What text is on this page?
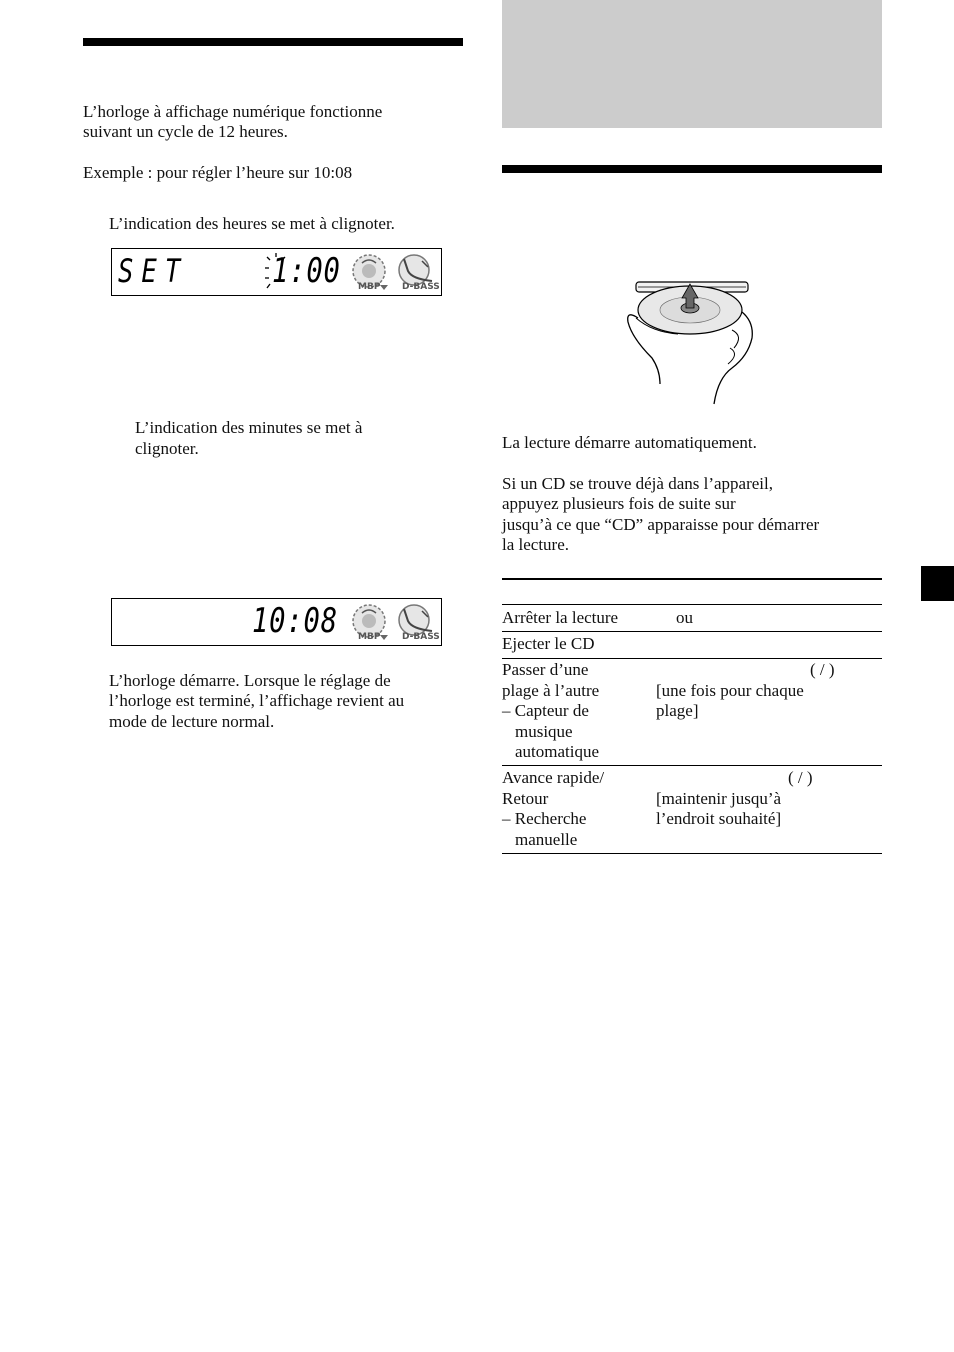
L’horloge à affichage numérique fonctionne
suivant un cycle de 12 heures.
Exemple : pour régler l’heure sur 10:08
L’indication des heures se met à clignoter.
SET 1:00 MBP D-BASS
L’indication des minutes se met à
clignoter.
10:08 MBP D-BASS
L’horloge démarre. Lorsque le réglage de
l’horloge est terminé, l’affichage revient au
mode de lecture normal.
La lecture démarre automatiquement.
Si un CD se trouve déjà dans l’appareil,
appuyez plusieurs fois de suite sur
jusqu’à ce que “CD” apparaisse pour démarrer
la lecture.
Arrêter la lecture	ou
Ejecter le CD
Passer d’une
plage à l’autre
– Capteur de
musique
automatique
( / )
[une fois pour chaque
plage]
Avance rapide/
Retour
– Recherche
manuelle
( / )
[maintenir jusqu’à
l’endroit souhaité]
